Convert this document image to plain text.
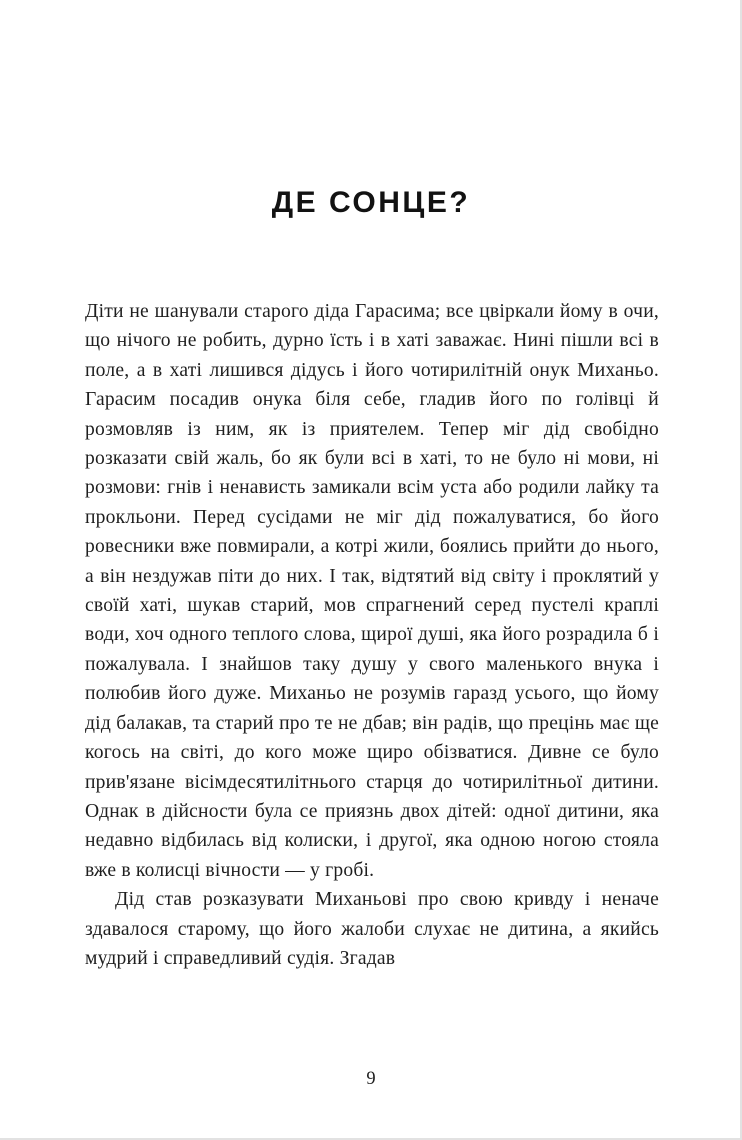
ДЕ СОНЦЕ?

Діти не шанували старого діда Гарасима; все цвіркали йому в очи, що нічого не робить, дурно їсть і в хаті заважає. Нині пішли всі в поле, а в хаті лишився дідусь і його чотирилітній онук Миханьо. Гарасим посадив онука біля себе, гладив його по голівці й розмовляв із ним, як із приятелем. Тепер міг дід свобідно розказати свій жаль, бо як були всі в хаті, то не було ні мови, ні розмови: гнів і ненависть замикали всім уста або родили лайку та прокльони. Перед сусідами не міг дід пожалуватися, бо його ровесники вже повмирали, а котрі жили, боялись прийти до нього, а він нездужав піти до них. І так, відтятий від світу і проклятий у своїй хаті, шукав старий, мов спрагнений серед пустелі краплі води, хоч одного теплого слова, щирої душі, яка його розрадила б і пожалувала. І знайшов таку душу у свого маленького внука і полюбив його дуже. Миханьо не розумів гаразд усього, що йому дід балакав, та старий про те не дбав; він радів, що прецінь має ще когось на світі, до кого може щиро обізватися. Дивне се було прив'язане вісімдесятилітнього старця до чотирилітньої дитини. Однак в дійсности була се приязнь двох дітей: одної дитини, яка недавно відбилась від колиски, і другої, яка одною ногою стояла вже в колисці вічности — у гробі.

Дід став розказувати Миханьові про свою кривду і неначе здавалося старому, що його жалоби слухає не дитина, а якийсь мудрий і справедливий судія. Згадав

9
